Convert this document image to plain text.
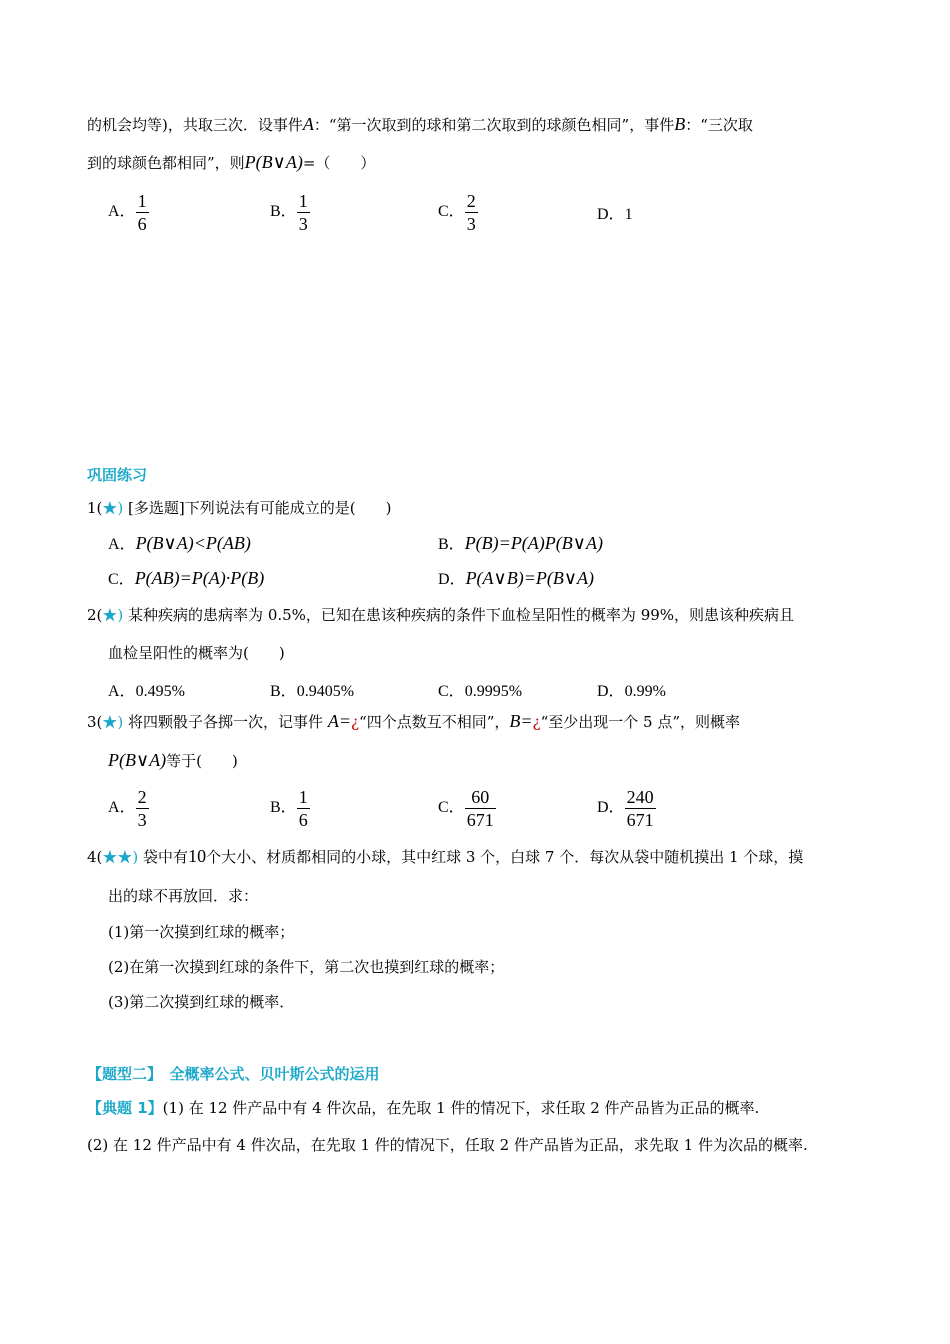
的机会均等)，共取三次．设事件A：“第一次取到的球和第二次取到的球颜色相同”，事件B：“三次取
到的球颜色都相同”，则P(B∨A)=（　　）
A． $\frac{1}{6}$	B． $\frac{1}{3}$	C． $\frac{2}{3}$	D．1
巩固练习
1(★) [多选题]下列说法有可能成立的是(　　)
A．P(B∨A)<P(AB)	B．P(B)=P(A)P(B∨A)
C．P(AB)=P(A)·P(B)	D．P(A∨B)=P(B∨A)
2(★) 某种疾病的患病率为 0.5%，已知在患该种疾病的条件下血检呈阳性的概率为 99%，则患该种疾病且
血检呈阳性的概率为(　　)
A．0.495%	B．0.9405%	C．0.9995%	D．0.99%
3(★) 将四颗骰子各掷一次，记事件 A=¿“四个点数互不相同”，B=¿“至少出现一个 5 点”，则概率
P(B∨A)等于(　　)
A． $\frac{2}{3}$	B． $\frac{1}{6}$	C． $\frac{60}{671}$	D． $\frac{240}{671}$
4(★★) 袋中有10个大小、材质都相同的小球，其中红球 3 个，白球 7 个．每次从袋中随机摸出 1 个球，摸
出的球不再放回．求：
(1)第一次摸到红球的概率；
(2)在第一次摸到红球的条件下，第二次也摸到红球的概率；
(3)第二次摸到红球的概率．
【题型二】　全概率公式、贝叶斯公式的运用
【典题 1】(1) 在 12 件产品中有 4 件次品，在先取 1 件的情况下，求任取 2 件产品皆为正品的概率.
(2) 在 12 件产品中有 4 件次品，在先取 1 件的情况下，任取 2 件产品皆为正品，求先取 1 件为次品的概率.
